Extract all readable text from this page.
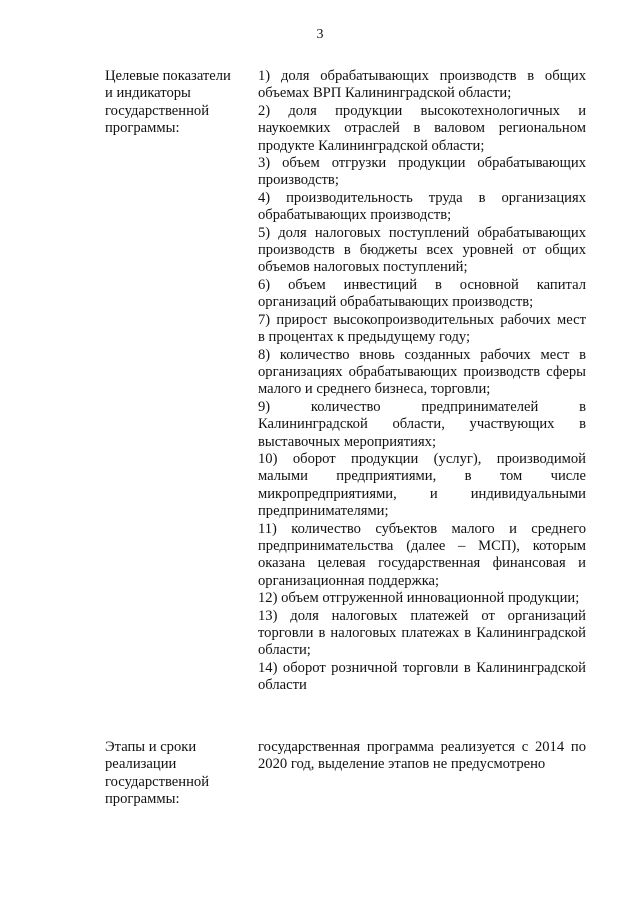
3
Целевые показатели
и индикаторы
государственной
программы:
1) доля обрабатывающих производств в общих объемах ВРП Калининградской области;
2) доля продукции высокотехнологичных и наукоемких отраслей в валовом региональном продукте Калининградской области;
3) объем отгрузки продукции обрабатывающих производств;
4) производительность труда в организациях обрабатывающих производств;
5) доля налоговых поступлений обрабатывающих производств в бюджеты всех уровней от общих объемов налоговых поступлений;
6) объем инвестиций в основной капитал организаций обрабатывающих производств;
7) прирост высокопроизводительных рабочих мест в процентах к предыдущему году;
8) количество вновь созданных рабочих мест в организациях обрабатывающих производств сферы малого и среднего бизнеса, торговли;
9) количество предпринимателей в Калининградской области, участвующих в выставочных мероприятиях;
10) оборот продукции (услуг), производимой малыми предприятиями, в том числе микропредприятиями, и индивидуальными предпринимателями;
11) количество субъектов малого и среднего предпринимательства (далее – МСП), которым оказана целевая государственная финансовая и организационная поддержка;
12) объем отгруженной инновационной продукции;
13) доля налоговых платежей от организаций торговли в налоговых платежах в Калининградской области;
14) оборот розничной торговли в Калининградской области
Этапы и сроки
реализации
государственной
программы:
государственная программа реализуется с 2014 по 2020 год, выделение этапов не предусмотрено
